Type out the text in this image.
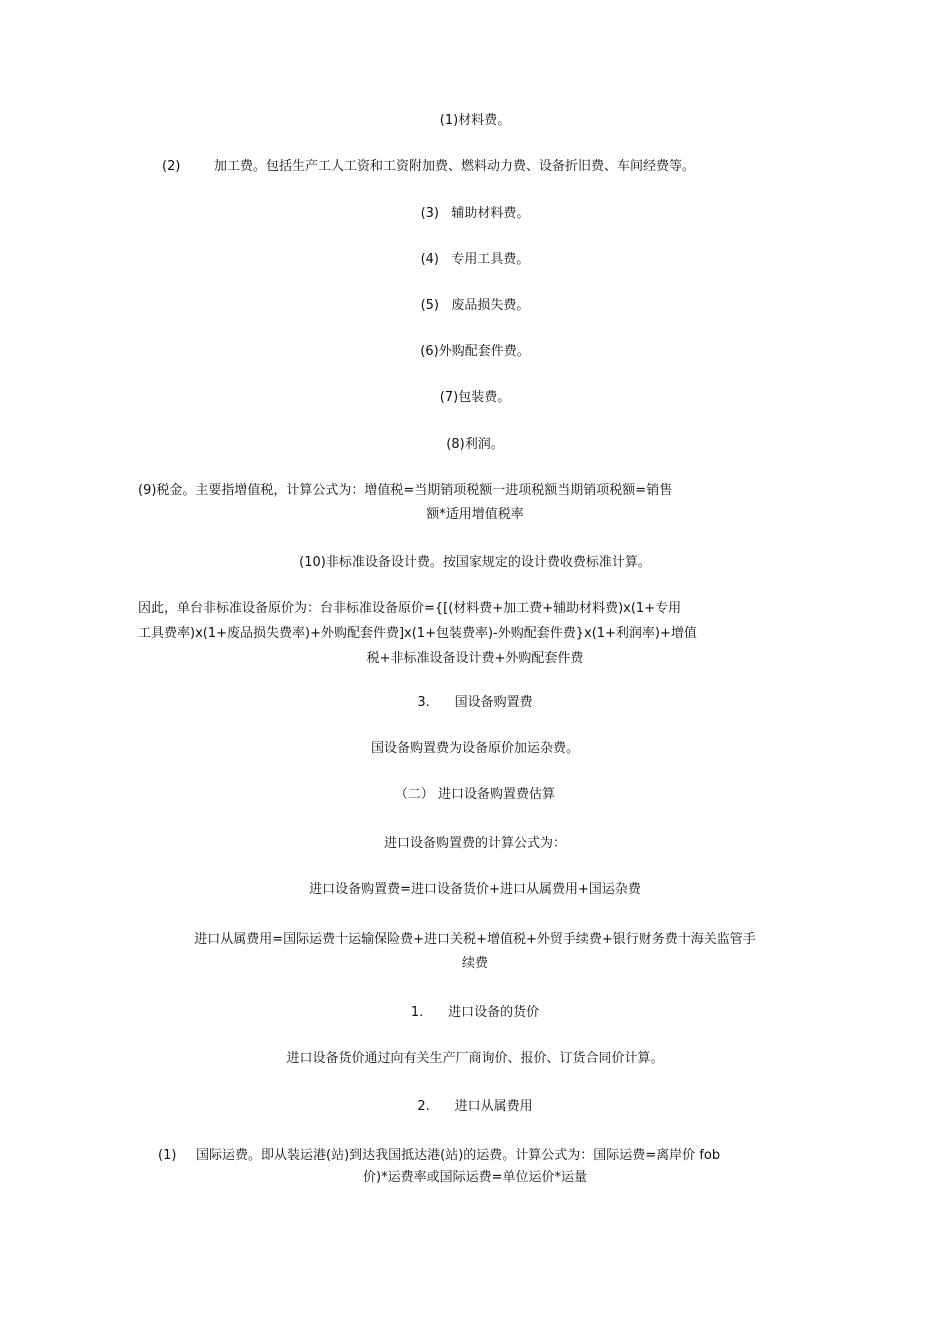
(1)材料费。
(2)	加工费。包括生产工人工资和工资附加费、燃料动力费、设备折旧费、车间经费等。
(3) 辅助材料费。
(4) 专用工具费。
(5) 废品损失费。
(6)外购配套件费。
(7)包装费。
(8)利润。
(9)税金。主要指增值税，计算公式为：增值税=当期销项税额一进项税额当期销项税额=销售
额*适用增值税率
(10)非标准设备设计费。按国家规定的设计费收费标准计算。
因此，单台非标准设备原价为：台非标准设备原价={[(材料费+加工费+辅助材料费)x(1+专用
工具费率)x(1+废品损失费率)+外购配套件费]x(1+包装费率)-外购配套件费}x(1+利润率)+增值
税+非标准设备设计费+外购配套件费
3. 国设备购置费
国设备购置费为设备原价加运杂费。
（二） 进口设备购置费估算
进口设备购置费的计算公式为：
进口设备购置费=进口设备货价+进口从属费用+国运杂费
进口从属费用=国际运费十运输保险费+进口关税+增值税+外贸手续费+银行财务费十海关监管手
续费
1. 进口设备的货价
进口设备货价通过向有关生产厂商询价、报价、订货合同价计算。
2. 进口从属费用
(1) 国际运费。即从装运港(站)到达我国抵达港(站)的运费。计算公式为：国际运费=离岸价 fob
价)*运费率或国际运费=单位运价*运量
